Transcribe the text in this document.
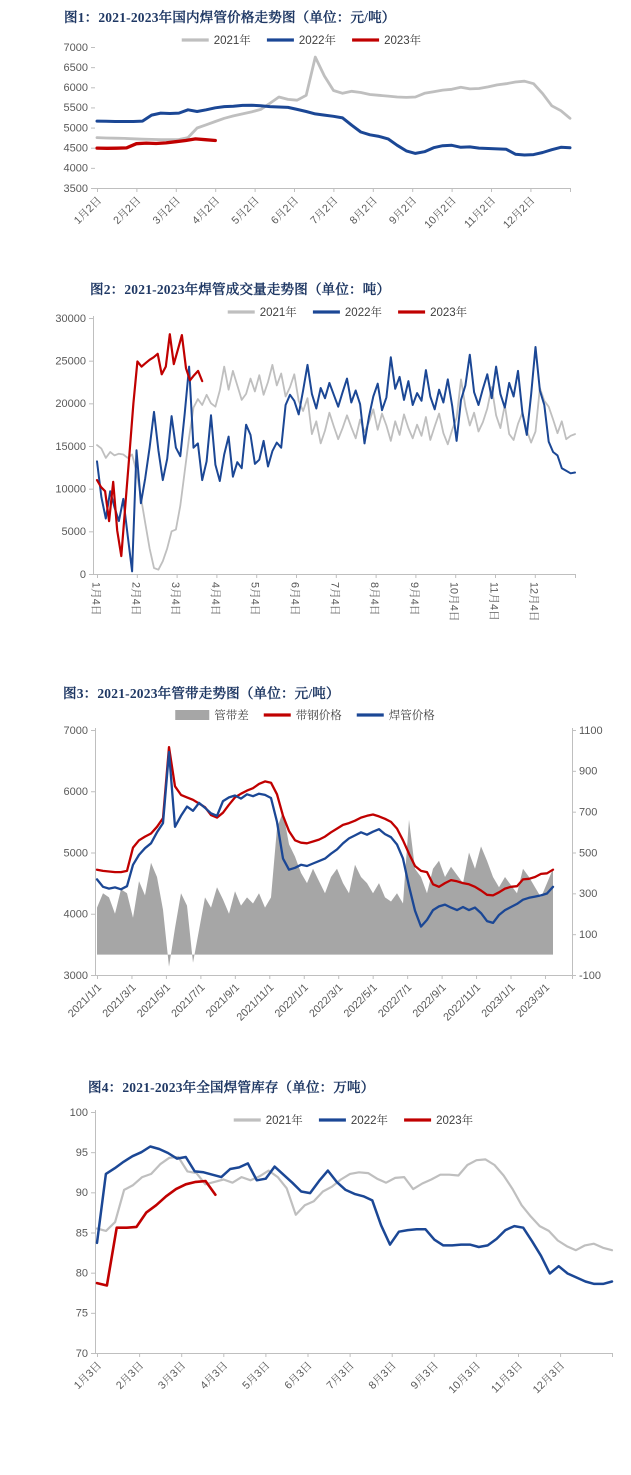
图1：2021-2023年国内焊管价格走势图（单位：元/吨）
7000
6500
6000
5500
5000
4500
4000
3500
1月2日 2月2日 3月2日 4月2日 5月2日 6月2日 7月2日 8月2日 9月2日 10月2日 11月2日 12月2日
2021年	2022年	2023年
图2：2021-2023年焊管成交量走势图（单位：吨）
30000
25000
20000
15000
10000
5000
0
1月4日	2月4日	3月4日	4月4日	5月4日	6月4日	7月4日	8月4日	9月4日	10月4日	11月4日	12月4日
2021年	2022年	2023年
图3：2021-2023年管带走势图（单位：元/吨）
7000
6000
5000
4000
3000
1100
900
700
500
300
100
-100
2021/1/1
2021/3/1
2021/5/1
2021/7/1
2021/9/1
2021/11/1
2022/1/1
2022/3/1
2022/5/1
2022/7/1
2022/9/1
2022/11/1
2023/1/1
2023/3/1
管带差	带钢价格	焊管价格
图4：2021-2023年全国焊管库存（单位：万吨）
100
95
90
85
80
75
70
1月3日 2月3日 3月3日 4月3日 5月3日 6月3日 7月3日 8月3日 9月3日 10月3日 11月3日 12月3日
2021年	2022年	2023年
